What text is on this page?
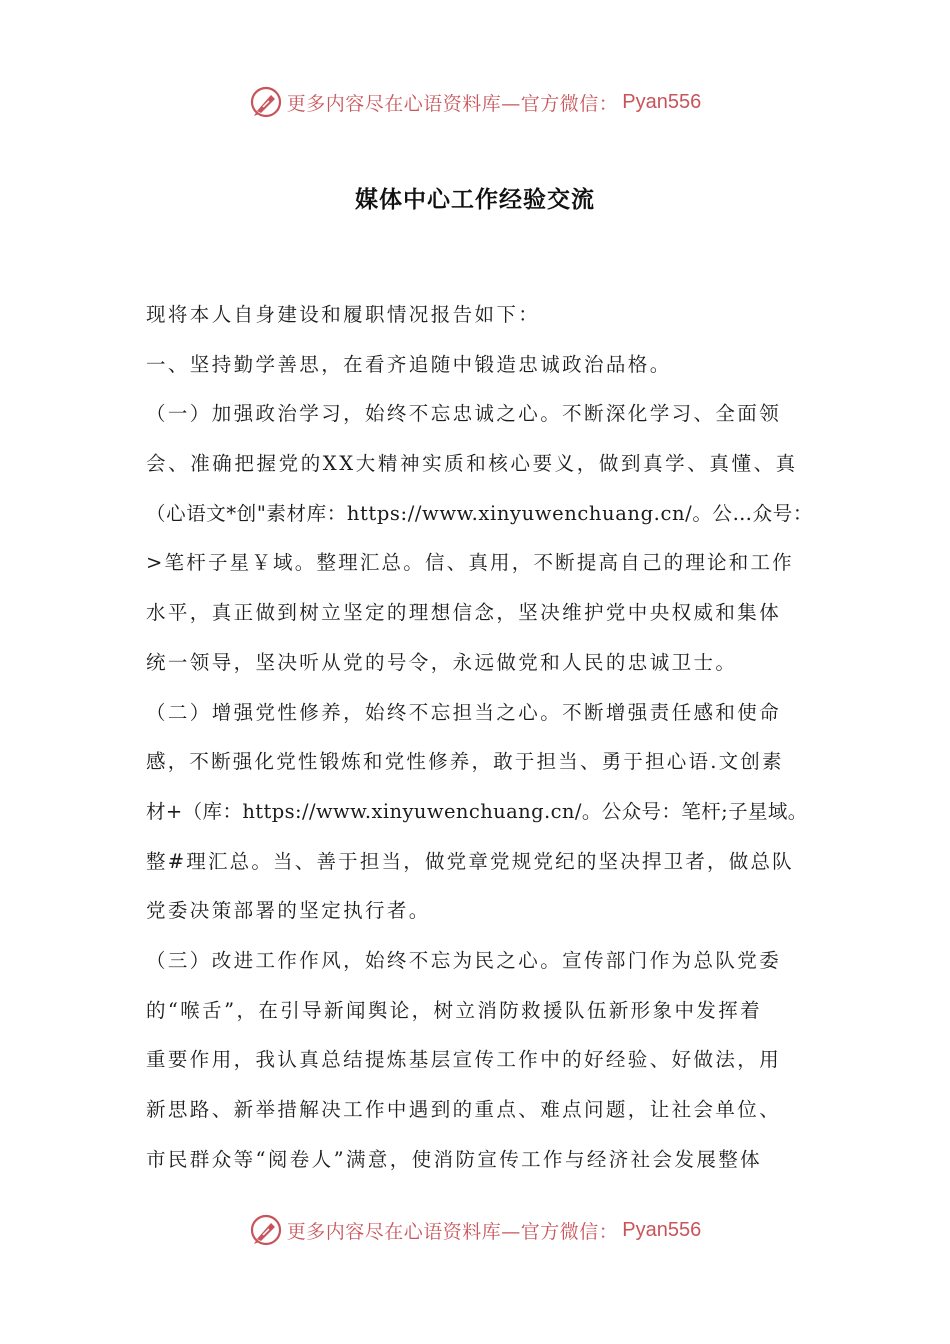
更多内容尽在心语资料库—官方微信： Pyan556
媒体中心工作经验交流
现将本人自身建设和履职情况报告如下：
一、坚持勤学善思，在看齐追随中锻造忠诚政治品格。
（一）加强政治学习，始终不忘忠诚之心。不断深化学习、全面领
会、准确把握党的XX大精神实质和核心要义，做到真学、真懂、真
（心语文*创"素材库：https://www.xinyuwenchuang.cn/。公…众号：
>笔杆子星￥域。整理汇总。信、真用，不断提高自己的理论和工作
水平，真正做到树立坚定的理想信念，坚决维护党中央权威和集体
统一领导，坚决听从党的号令，永远做党和人民的忠诚卫士。
（二）增强党性修养，始终不忘担当之心。不断增强责任感和使命
感，不断强化党性锻炼和党性修养，敢于担当、勇于担心语.文创素
材+（库：https://www.xinyuwenchuang.cn/。公众号：笔杆;子星域。
整#理汇总。当、善于担当，做党章党规党纪的坚决捍卫者，做总队
党委决策部署的坚定执行者。
（三）改进工作作风，始终不忘为民之心。宣传部门作为总队党委
的“喉舌”，在引导新闻舆论，树立消防救援队伍新形象中发挥着
重要作用，我认真总结提炼基层宣传工作中的好经验、好做法，用
新思路、新举措解决工作中遇到的重点、难点问题，让社会单位、
市民群众等“阅卷人”满意，使消防宣传工作与经济社会发展整体
更多内容尽在心语资料库—官方微信： Pyan556
